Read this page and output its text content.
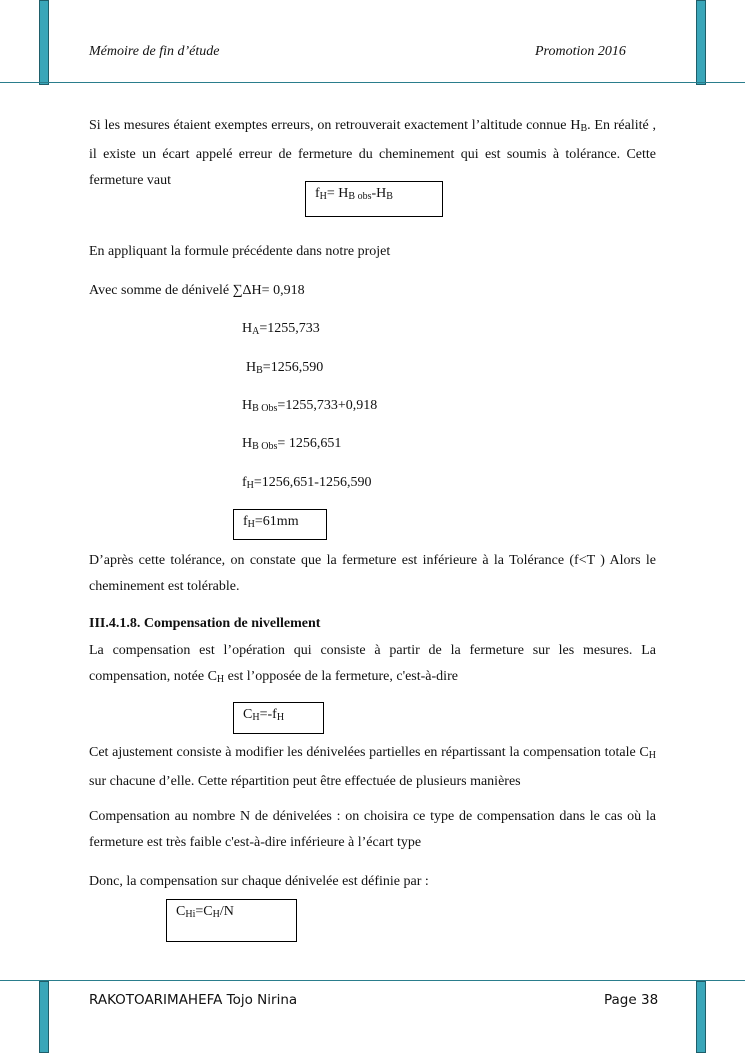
Mémoire de fin d’étude	Promotion 2016
Si les mesures étaient exemptes erreurs, on retrouverait exactement l’altitude connue $H_B$. En réalité , il existe un écart appelé erreur de fermeture du cheminement qui est soumis à tolérance. Cette fermeture vaut
$f_H= H_{B obs}-H_B$
En appliquant la formule précédente dans notre projet
Avec somme de dénivelé ∑ΔH= 0,918
$H_A=1255,733$
$H_B=1256,590$
$H_{B Obs}=1255,733+0,918$
$H_{B Obs}= 1256,651$
$f_H=1256,651-1256,590$
$f_H=61mm$
D’après cette tolérance, on constate que la fermeture est inférieure à la Tolérance (f<T ) Alors le cheminement est tolérable.
III.4.1.8. Compensation de nivellement
La compensation est l’opération qui consiste à partir de la fermeture sur les mesures. La compensation, notée $C_H$ est l’opposée de la fermeture, c'est-à-dire
$C_H=-f_H$
Cet ajustement consiste à modifier les dénivelées partielles en répartissant la compensation totale $C_H$ sur chacune d’elle. Cette répartition peut être effectuée de plusieurs manières
Compensation au nombre N de dénivelées : on choisira ce type de compensation dans le cas où la fermeture est très faible c'est-à-dire inférieure à l’écart type
Donc, la compensation sur chaque dénivelée est définie par :
$C_{Hi}=C_H/N$
RAKOTOARIMAHEFA Tojo Nirina	Page 38
